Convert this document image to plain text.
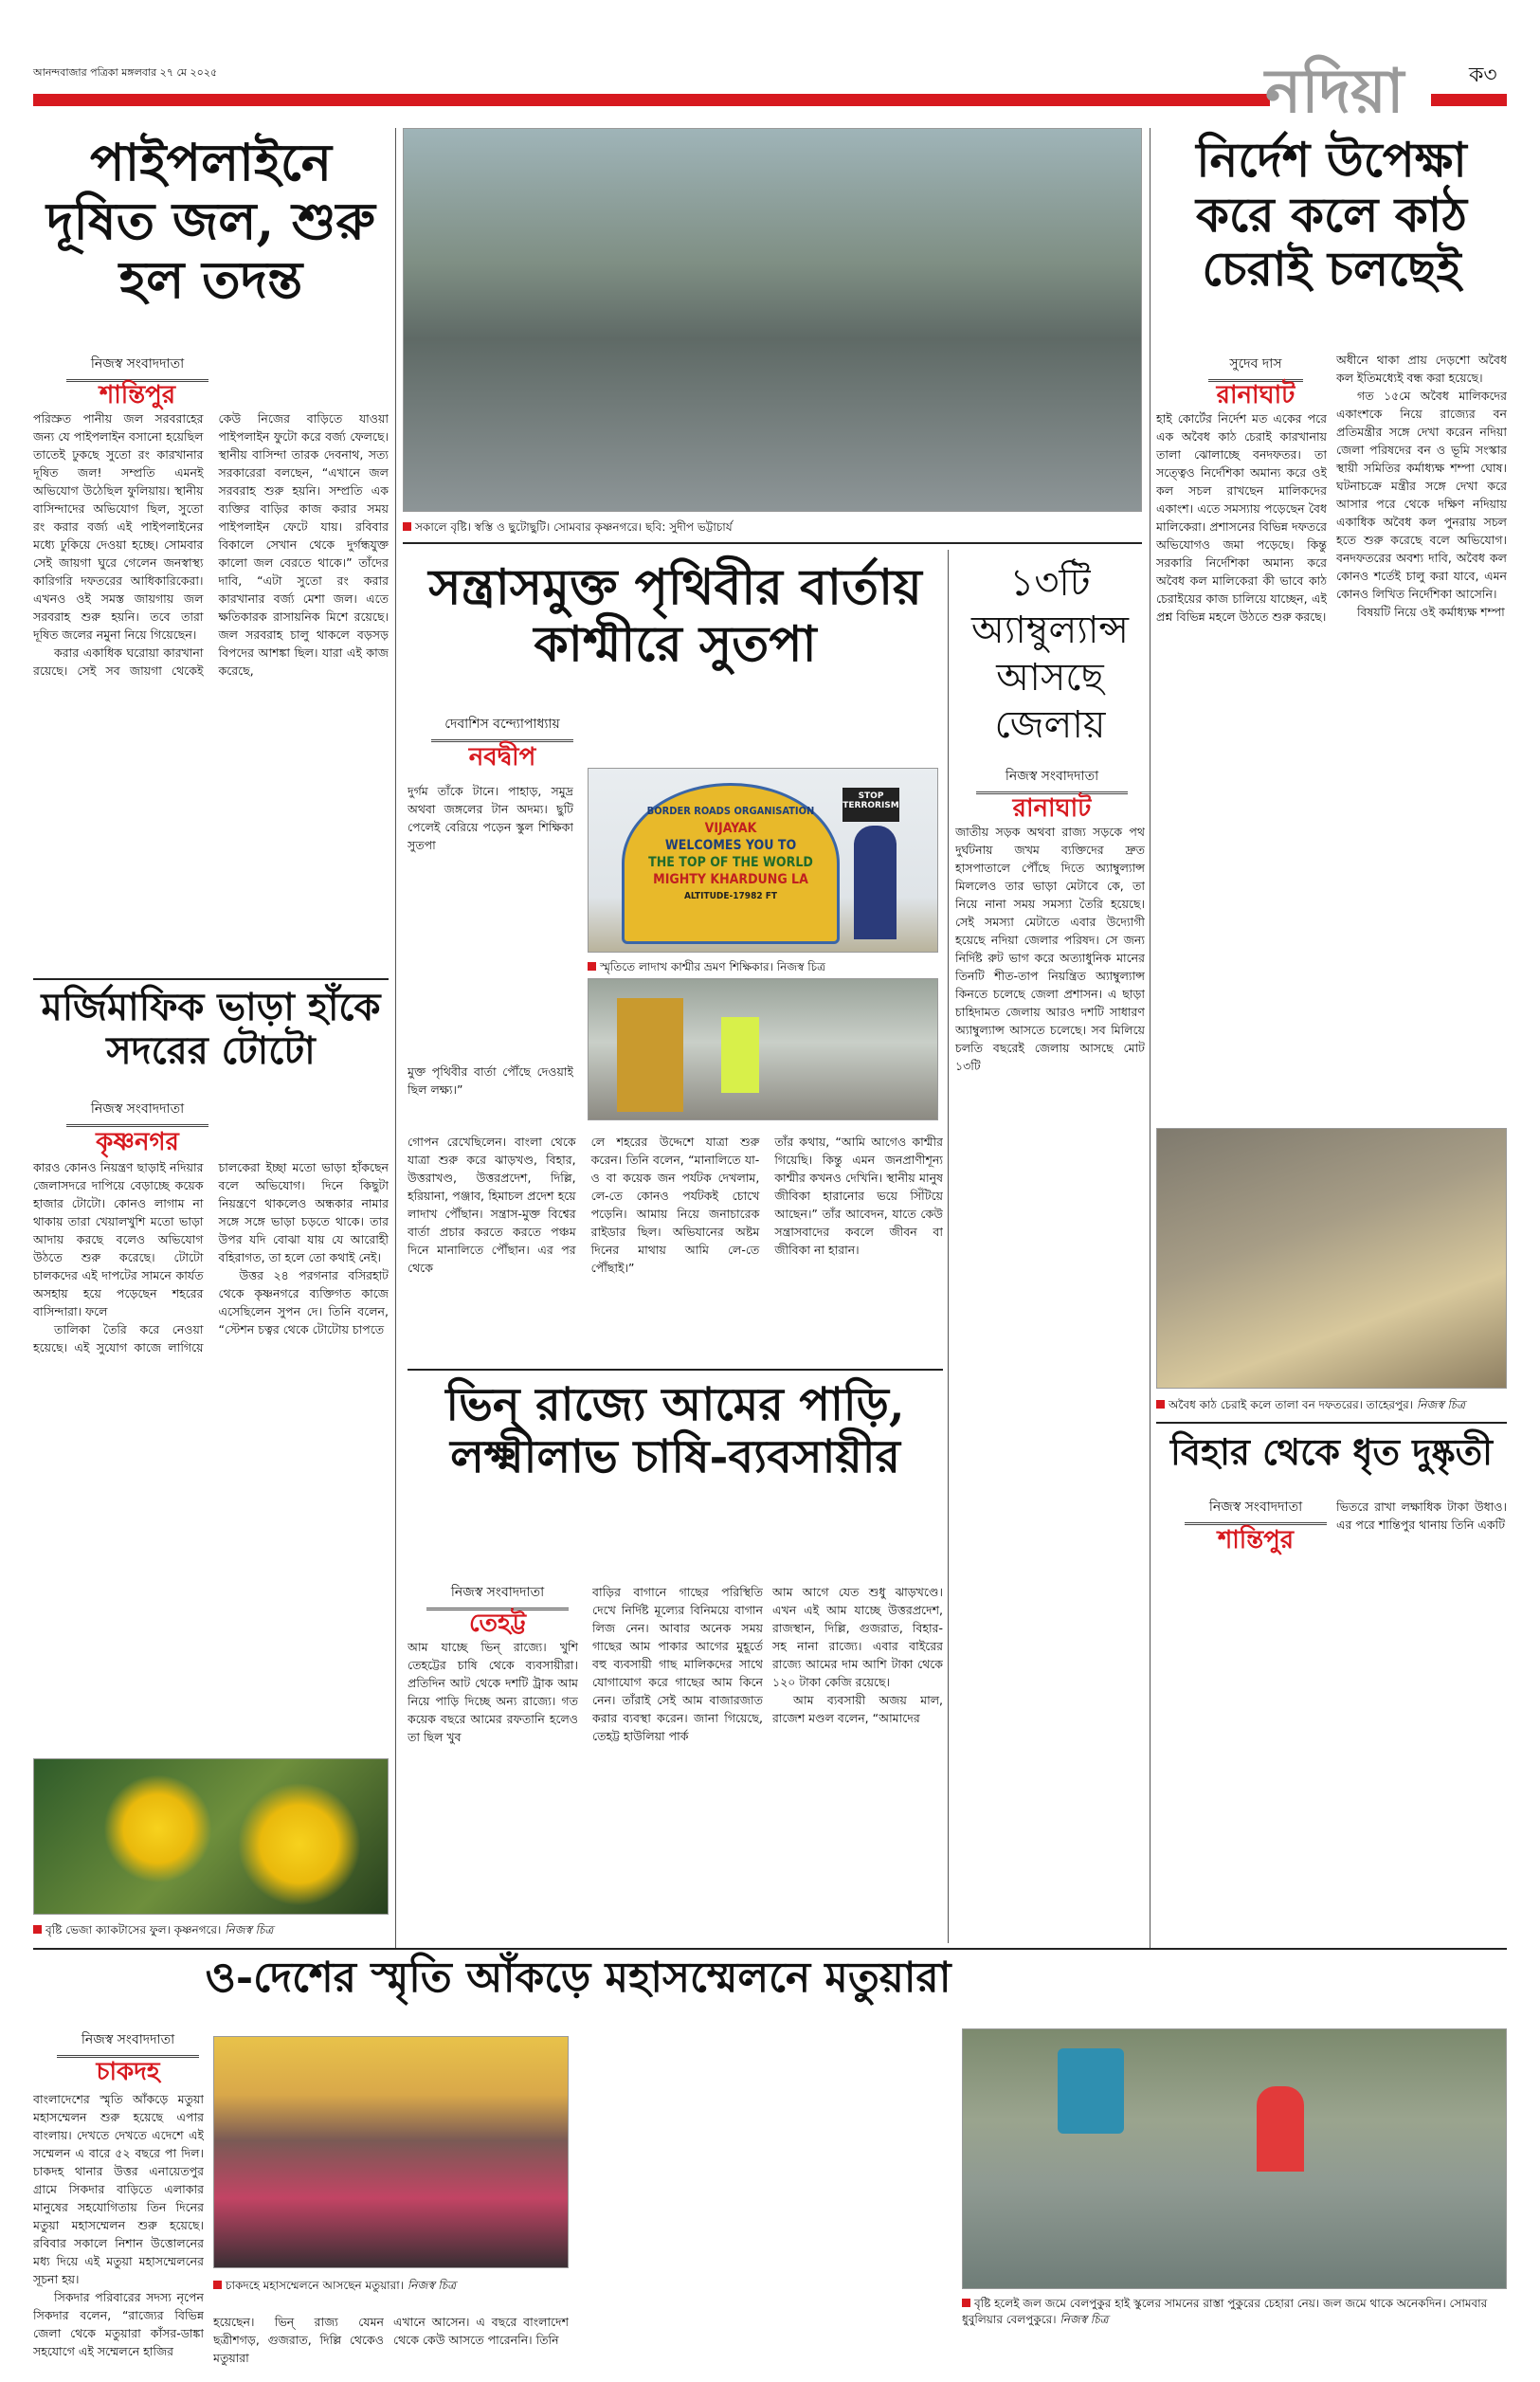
আনন্দবাজার পত্রিকা মঙ্গলবার ২৭ মে ২০২৫	নদিয়া	ক৩
পাইপলাইনে দূষিত জল, শুরু হল তদন্ত
নিজস্ব সংবাদদাতা
শান্তিপুর

পরিস্রুত পানীয় জল সরবরাহের জন্য যে পাইপলাইন বসানো হয়েছিল তাতেই ঢুকছে সুতো রং কারখানার দূষিত জল! সম্প্রতি এমনই অভিযোগ উঠেছিল ফুলিয়ায়। স্থানীয় বাসিন্দাদের অভিযোগ ছিল, সুতো রং করার বর্জ্য এই পাইপলাইনের মধ্যে ঢুকিয়ে দেওয়া হচ্ছে। সোমবার সেই জায়গা ঘুরে গেলেন জনস্বাস্থ্য কারিগরি দফতরের আধিকারিকেরা। এখনও ওই সমস্ত জায়গায় জল সরবরাহ শুরু হয়নি। তবে তারা দূষিত জলের নমুনা নিয়ে গিয়েছেন।

করার একাধিক ঘরোয়া কারখানা রয়েছে। সেই সব জায়গা থেকেই কেউ নিজের বাড়িতে যাওয়া পাইপলাইন ফুটো করে বর্জ্য ফেলছে। স্থানীয় বাসিন্দা তারক দেবনাথ, সত্য সরকারেরা বলছেন, “এখানে জল সরবরাহ শুরু হয়নি। সম্প্রতি এক ব্যক্তির বাড়ির কাজ করার সময় পাইপলাইন ফেটে যায়। রবিবার বিকালে সেখান থেকে দুর্গন্ধযুক্ত কালো জল বেরতে থাকে।” তাঁদের দাবি, “এটা সুতো রং করার কারখানার বর্জ্য মেশা জল। এতে ক্ষতিকারক রাসায়নিক মিশে রয়েছে। জল সরবরাহ চালু থাকলে বড়সড় বিপদের আশঙ্কা ছিল। যারা এই কাজ করেছে,

মর্জিমাফিক ভাড়া হাঁকে সদরের টোটো
নিজস্ব সংবাদদাতা
কৃষ্ণনগর

কারও কোনও নিয়ন্ত্রণ ছাড়াই নদিয়ার জেলাসদরে দাপিয়ে বেড়াচ্ছে কয়েক হাজার টোটো। কোনও লাগাম না থাকায় তারা খেয়ালখুশি মতো ভাড়া আদায় করছে বলেও অভিযোগ উঠতে শুরু করেছে। টোটো চালকদের এই দাপটের সামনে কার্যত অসহায় হয়ে পড়েছেন শহরের বাসিন্দারা। ফলে

তালিকা তৈরি করে নেওয়া হয়েছে। এই সুযোগ কাজে লাগিয়ে চালকেরা ইচ্ছা মতো ভাড়া হাঁকছেন বলে অভিযোগ। দিনে কিছুটা নিয়ন্ত্রণে থাকলেও অন্ধকার নামার সঙ্গে সঙ্গে ভাড়া চড়তে থাকে। তার উপর যদি বোঝা যায় যে আরোহী বহিরাগত, তা হলে তো কথাই নেই।

উত্তর ২৪ পরগনার বসিরহাট থেকে কৃষ্ণনগরে ব্যক্তিগত কাজে এসেছিলেন সুপন দে। তিনি বলেন, “স্টেশন চত্বর থেকে টোটোয় চাপতে

বৃষ্টি ভেজা ক্যাকটাসের ফুল। কৃষ্ণনগরে। নিজস্ব চিত্র
সকালে বৃষ্টি। স্বস্তি ও ছুটোছুটি। সোমবার কৃষ্ণনগরে। ছবি: সুদীপ ভট্টাচার্য
সন্ত্রাসমুক্ত পৃথিবীর বার্তায় কাশ্মীরে সুতপা
দেবাশিস বন্দ্যোপাধ্যায়
নবদ্বীপ

দুর্গম তাঁকে টানে। পাহাড়, সমুদ্র অথবা জঙ্গলের টান অদম্য। ছুটি পেলেই বেরিয়ে পড়েন স্কুল শিক্ষিকা সুতপা

মুক্ত পৃথিবীর বার্তা পৌঁছে দেওয়াই ছিল লক্ষ্য।”

BORDER ROADS ORGANISATION
VIJAYAK
WELCOMES YOU TO
THE TOP OF THE WORLD
MIGHTY KHARDUNG LA
ALTITUDE-17982 FT
STOP TERRORISM
স্মৃতিতে লাদাখ কাশ্মীর ভ্রমণ শিক্ষিকার। নিজস্ব চিত্র

গোপন রেখেছিলেন। বাংলা থেকে যাত্রা শুরু করে ঝাড়খণ্ড, বিহার, উত্তরাখণ্ড, উত্তরপ্রদেশ, দিল্লি, হরিয়ানা, পঞ্জাব, হিমাচল প্রদেশ হয়ে লাদাখ পৌঁছান। সন্ত্রাস-মুক্ত বিশ্বের বার্তা প্রচার করতে করতে পঞ্চম দিনে মানালিতে পৌঁছান। এর পর থেকে

লে শহরের উদ্দেশে যাত্রা শুরু করেন। তিনি বলেন, “মানালিতে যা-ও বা কয়েক জন পর্যটক দেখলাম, লে-তে কোনও পর্যটকই চোখে পড়েনি। আমায় নিয়ে জনাচারেক রাইডার ছিল। অভিযানের অষ্টম দিনের মাথায় আমি লে-তে পৌঁছাই।”

তাঁর কথায়, “আমি আগেও কাশ্মীর গিয়েছি। কিন্তু এমন জনপ্রাণীশূন্য কাশ্মীর কখনও দেখিনি। স্থানীয় মানুষ জীবিকা হারানোর ভয়ে সিঁটিয়ে আছেন।” তাঁর আবেদন, যাতে কেউ সন্ত্রাসবাদের কবলে জীবন বা জীবিকা না হারান।

ভিন্‌ রাজ্যে আমের পাড়ি, লক্ষ্মীলাভ চাষি-ব্যবসায়ীর
নিজস্ব সংবাদদাতা
তেহট্ট

আম যাচ্ছে ভিন্‌ রাজ্যে। খুশি তেহট্টের চাষি থেকে ব্যবসায়ীরা। প্রতিদিন আট থেকে দশটি ট্রাক আম নিয়ে পাড়ি দিচ্ছে অন্য রাজ্যে। গত কয়েক বছরে আমের রফতানি হলেও তা ছিল খুব

বাড়ির বাগানে গাছের পরিস্থিতি দেখে নির্দিষ্ট মূল্যের বিনিময়ে বাগান লিজ নেন। আবার অনেক সময় গাছের আম পাকার আগের মুহূর্তে বহু ব্যবসায়ী গাছ মালিকদের সাথে যোগাযোগ করে গাছের আম কিনে নেন। তাঁরাই সেই আম বাজারজাত করার ব্যবস্থা করেন। জানা গিয়েছে, তেহট্ট হাউলিয়া পার্ক

আম আগে যেত শুধু ঝাড়খণ্ডে। এখন এই আম যাচ্ছে উত্তরপ্রদেশ, রাজস্থান, দিল্লি, গুজরাত, বিহার- সহ নানা রাজ্যে। এবার বাইরের রাজ্যে আমের দাম আশি টাকা থেকে ১২০ টাকা কেজি রয়েছে।

আম ব্যবসায়ী অজয় মাল, রাজেশ মণ্ডল বলেন, “আমাদের

১৩টি অ্যাম্বুল্যান্স আসছে জেলায়
নিজস্ব সংবাদদাতা
রানাঘাট

জাতীয় সড়ক অথবা রাজ্য সড়কে পথ দুর্ঘটনায় জখম ব্যক্তিদের দ্রুত হাসপাতালে পৌঁছে দিতে অ্যাম্বুল্যান্স মিললেও তার ভাড়া মেটাবে কে, তা নিয়ে নানা সময় সমস্যা তৈরি হয়েছে। সেই সমস্যা মেটাতে এবার উদ্যোগী হয়েছে নদিয়া জেলার পরিষদ। সে জন্য নির্দিষ্ট রুট ভাগ করে অত্যাধুনিক মানের তিনটি শীত-তাপ নিয়ন্ত্রিত অ্যাম্বুল্যান্স কিনতে চলেছে জেলা প্রশাসন। এ ছাড়া চাহিদামত জেলায় আরও দশটি সাধারণ অ্যাম্বুল্যান্স আসতে চলেছে। সব মিলিয়ে চলতি বছরেই জেলায় আসছে মোট ১৩টি

নির্দেশ উপেক্ষা করে কলে কাঠ চেরাই চলছেই
সুদেব দাস
রানাঘাট

হাই কোর্টের নির্দেশ মত একের পরে এক অবৈধ কাঠ চেরাই কারখানায় তালা ঝোলাচ্ছে বনদফতর। তা সত্ত্বেও নির্দেশিকা অমান্য করে ওই কল সচল রাখছেন মালিকদের একাংশ। এতে সমস্যায় পড়েছেন বৈধ মালিকেরা। প্রশাসনের বিভিন্ন দফতরে অভিযোগও জমা পড়েছে। কিন্তু সরকারি নির্দেশিকা অমান্য করে অবৈধ কল মালিকেরা কী ভাবে কাঠ চেরাইয়ের কাজ চালিয়ে যাচ্ছেন, এই প্রশ্ন বিভিন্ন মহলে উঠতে শুরু করছে।

অধীনে থাকা প্রায় দেড়শো অবৈধ কল ইতিমধ্যেই বন্ধ করা হয়েছে।

গত ১৫মে অবৈধ মালিকদের একাংশকে নিয়ে রাজ্যের বন প্রতিমন্ত্রীর সঙ্গে দেখা করেন নদিয়া জেলা পরিষদের বন ও ভূমি সংস্কার স্থায়ী সমিতির কর্মাধ্যক্ষ শম্পা ঘোষ। ঘটনাচক্রে মন্ত্রীর সঙ্গে দেখা করে আসার পরে থেকে দক্ষিণ নদিয়ায় একাধিক অবৈধ কল পুনরায় সচল হতে শুরু করেছে বলে অভিযোগ। বনদফতরের অবশ্য দাবি, অবৈধ কল কোনও শর্তেই চালু করা যাবে, এমন কোনও লিখিত নির্দেশিকা আসেনি।

বিষয়টি নিয়ে ওই কর্মাধ্যক্ষ শম্পা

অবৈধ কাঠ চেরাই কলে তালা বন দফতরের। তাহেরপুর। নিজস্ব চিত্র
বিহার থেকে ধৃত দুষ্কৃতী
নিজস্ব সংবাদদাতা
শান্তিপুর

ভিতরে রাখা লক্ষাধিক টাকা উধাও। এর পরে শান্তিপুর থানায় তিনি একটি

ও-দেশের স্মৃতি আঁকড়ে মহাসম্মেলনে মতুয়ারা
নিজস্ব সংবাদদাতা
চাকদহ

বাংলাদেশের স্মৃতি আঁকড়ে মতুয়া মহাসম্মেলন শুরু হয়েছে এপার বাংলায়। দেখতে দেখতে এদেশে এই সম্মেলন এ বারে ৫২ বছরে পা দিল। চাকদহ থানার উত্তর এনায়েতপুর গ্রামে সিকদার বাড়িতে এলাকার মানুষের সহযোগিতায় তিন দিনের মতুয়া মহাসম্মেলন শুরু হয়েছে। রবিবার সকালে নিশান উত্তোলনের মধ্য দিয়ে এই মতুয়া মহাসম্মেলনের সূচনা হয়।

সিকদার পরিবারের সদস্য নৃপেন সিকদার বলেন, “রাজ্যের বিভিন্ন জেলা থেকে মতুয়ারা কাঁসর-ডাঙ্কা সহযোগে এই সম্মেলনে হাজির

চাকদহে মহাসম্মেলনে আসছেন মতুয়ারা। নিজস্ব চিত্র

হয়েছেন। ভিন্‌ রাজ্য যেমন ছত্রীশগড়, গুজরাত, দিল্লি থেকেও মতুয়ারা

এখানে আসেন। এ বছরে বাংলাদেশ থেকে কেউ আসতে পারেননি। তিনি

বৃষ্টি হলেই জল জমে বেলপুকুর হাই স্কুলের সামনের রাস্তা পুকুরের চেহারা নেয়। জল জমে থাকে অনেকদিন। সোমবার ধুবুলিয়ার বেলপুকুরে। নিজস্ব চিত্র
